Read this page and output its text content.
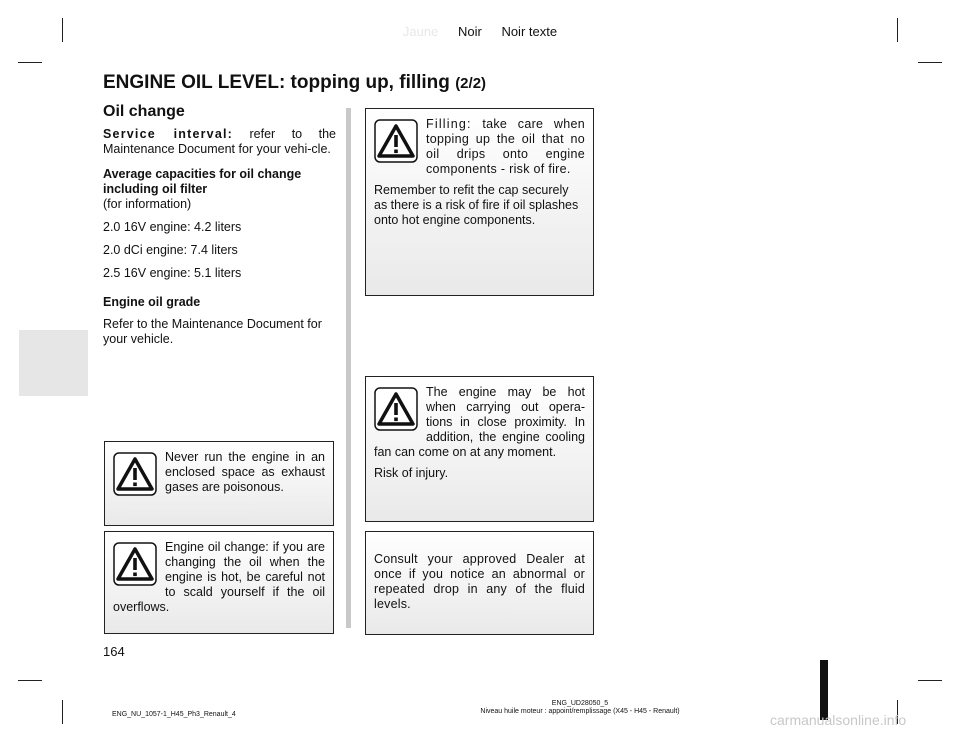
Jaune Noir Noir texte
ENGINE OIL LEVEL: topping up, filling (2/2)
Oil change

Service interval: refer to the Maintenance Document for your vehi-cle.

Average capacities for oil change including oil filter
(for information)

2.0 16V engine: 4.2 liters

2.0 dCi engine: 7.4 liters

2.5 16V engine: 5.1 liters

Engine oil grade

Refer to the Maintenance Document for your vehicle.

Never run the engine in an enclosed space as exhaust gases are poisonous.

Engine oil change: if you are changing the oil when the engine is hot, be careful not to scald yourself if the oil overflows.

Filling: take care when topping up the oil that no oil drips onto engine components - risk of fire.

Remember to refit the cap securely as there is a risk of fire if oil splashes onto hot engine components.

The engine may be hot when carrying out opera-tions in close proximity. In addition, the engine cooling fan can come on at any moment.

Risk of injury.

Consult your approved Dealer at once if you notice an abnormal or repeated drop in any of the fluid levels.

164
ENG_NU_1057-1_H45_Ph3_Renault_4
ENG_UD28050_5
Niveau huile moteur : appoint/remplissage (X45 - H45 - Renault)
carmanualsonline.info
